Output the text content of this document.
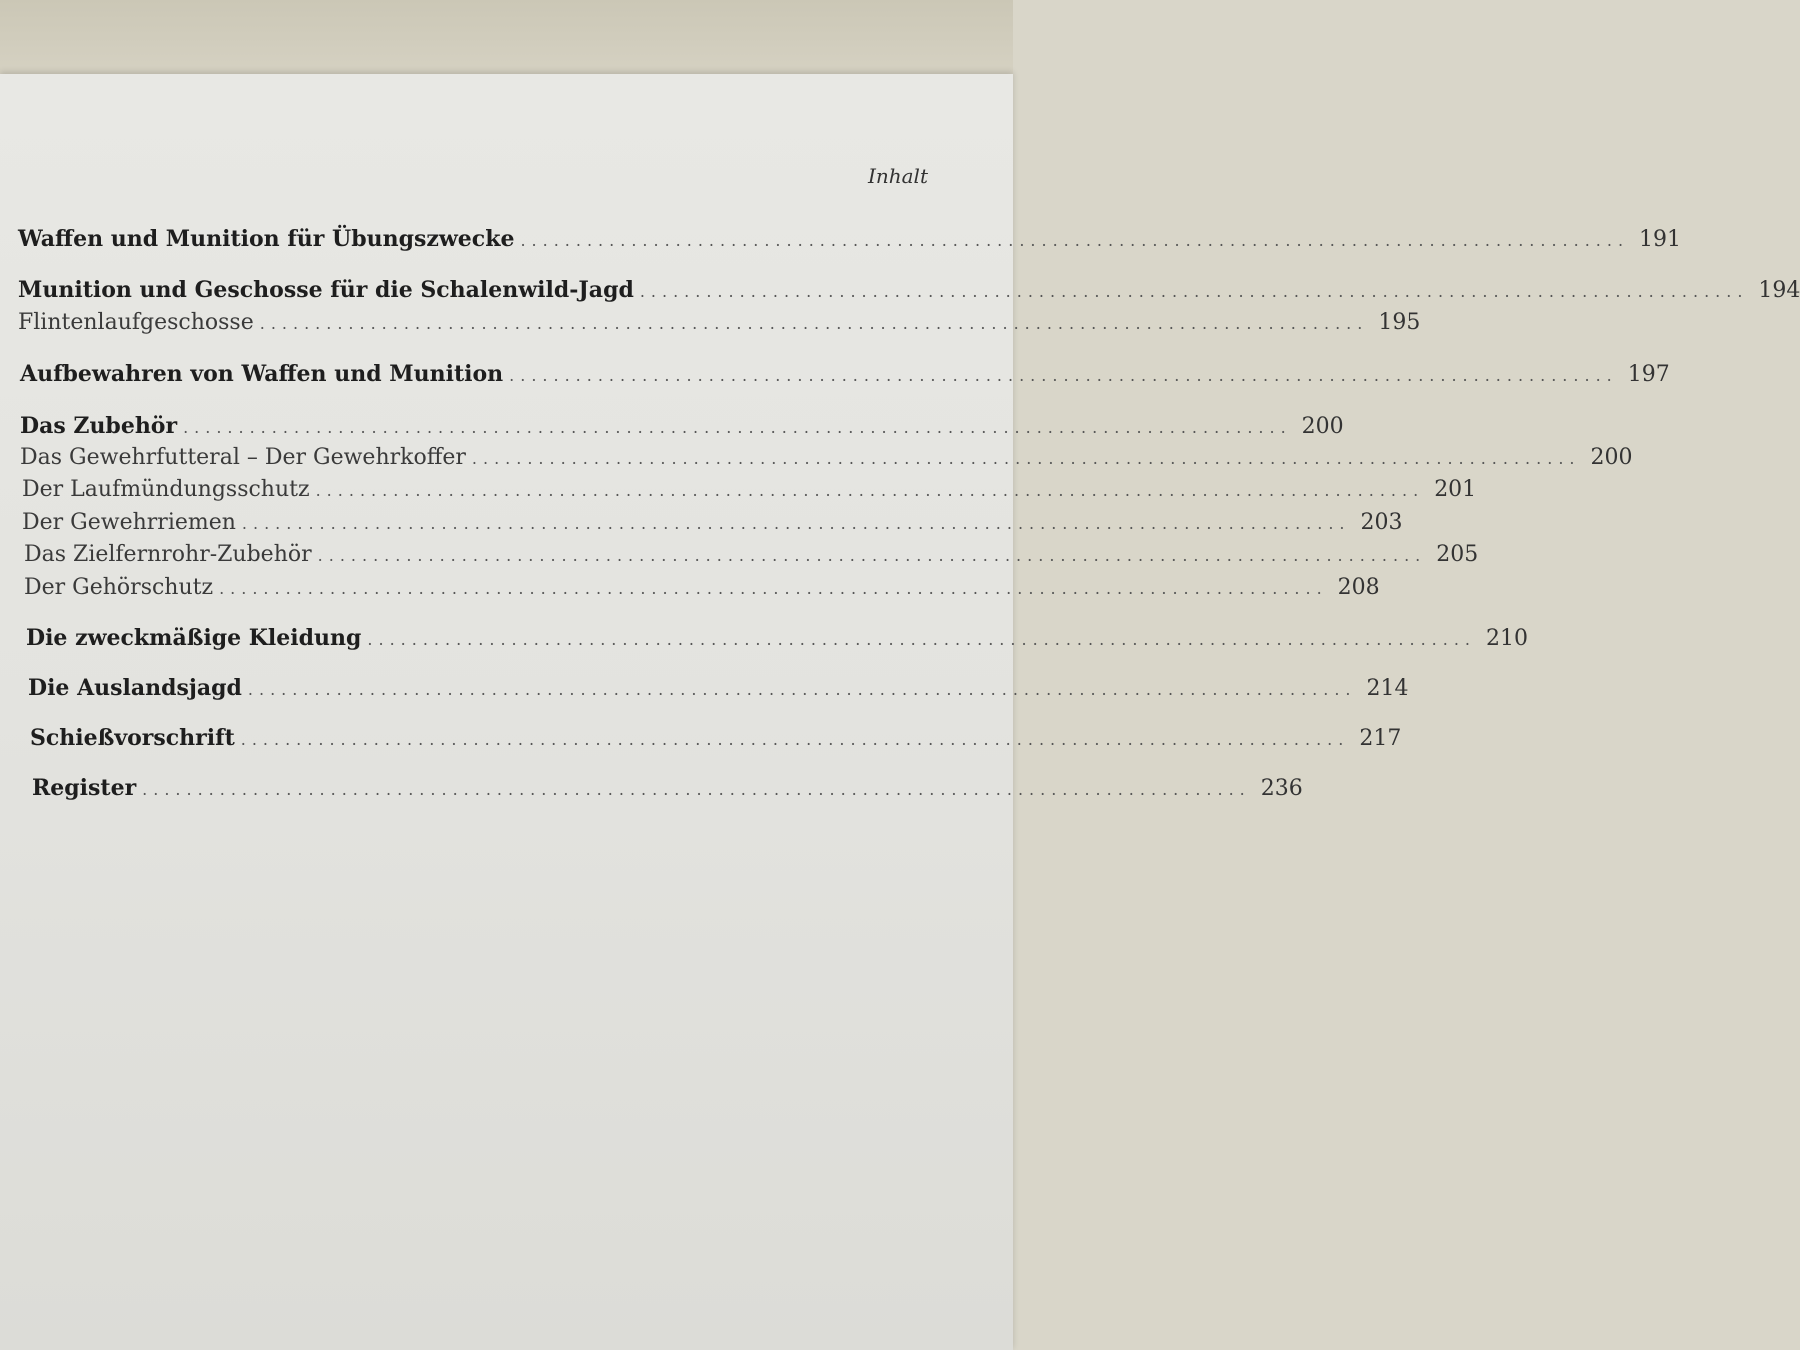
Inhalt
Waffen und Munition für Übungszwecke .................................................................................................... 191
Munition und Geschosse für die Schalenwild-Jagd .................................................................................................... 194
Flintenlaufgeschosse .................................................................................................... 195
Aufbewahren von Waffen und Munition .................................................................................................... 197
Das Zubehör .................................................................................................... 200
Das Gewehrfutteral – Der Gewehrkoffer .................................................................................................... 200
Der Laufmündungsschutz .................................................................................................... 201
Der Gewehrriemen .................................................................................................... 203
Das Zielfernrohr-Zubehör .................................................................................................... 205
Der Gehörschutz .................................................................................................... 208
Die zweckmäßige Kleidung .................................................................................................... 210
Die Auslandsjagd .................................................................................................... 214
Schießvorschrift .................................................................................................... 217
Register .................................................................................................... 236
